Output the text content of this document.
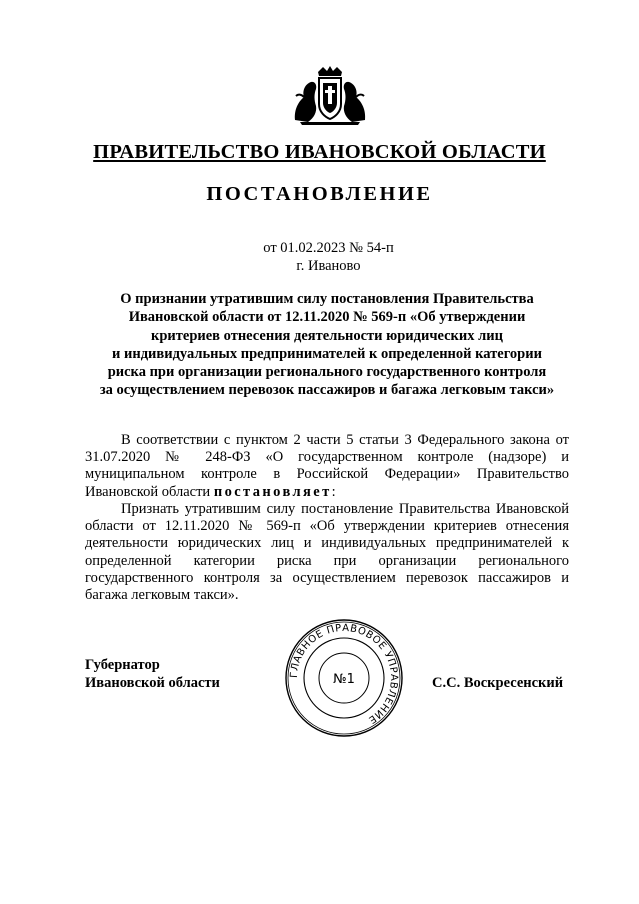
ПРАВИТЕЛЬСТВО ИВАНОВСКОЙ ОБЛАСТИ
ПОСТАНОВЛЕНИЕ
от 01.02.2023 № 54-п
г. Иваново
О признании утратившим силу постановления Правительства
Ивановской области от 12.11.2020 № 569-п «Об утверждении
критериев отнесения деятельности юридических лиц
и индивидуальных предпринимателей к определенной категории
риска при организации регионального государственного контроля
за осуществлением перевозок пассажиров и багажа легковым такси»
В соответствии с пунктом 2 части 5 статьи 3 Федерального закона от 31.07.2020 № 248-ФЗ «О государственном контроле (надзоре) и муниципальном контроле в Российской Федерации» Правительство Ивановской области постановляет:
Признать утратившим силу постановление Правительства Ивановской области от 12.11.2020 № 569-п «Об утверждении критериев отнесения деятельности юридических лиц и индивидуальных предпринимателей к определенной категории риска при организации регионального государственного контроля за осуществлением перевозок пассажиров и багажа легковым такси».
Губернатор
Ивановской области
ГЛАВНОЕ ПРАВОВОЕ УПРАВЛЕНИЕ
№1	С.С. Воскресенский
